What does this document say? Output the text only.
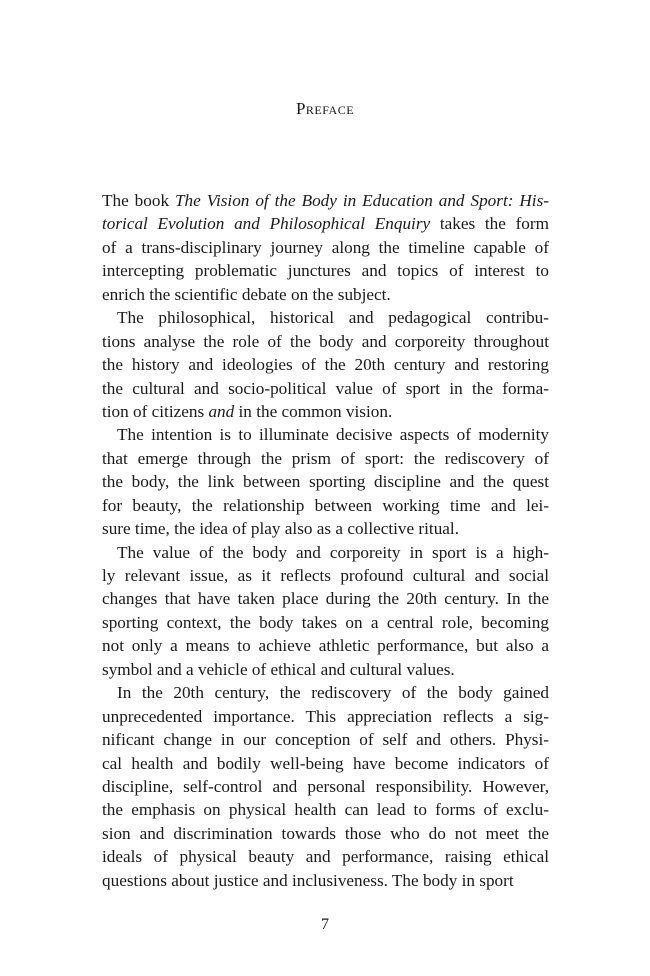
Preface
The book The Vision of the Body in Education and Sport: His-
torical Evolution and Philosophical Enquiry takes the form
of a trans-disciplinary journey along the timeline capable of
intercepting problematic junctures and topics of interest to
enrich the scientific debate on the subject.
The philosophical, historical and pedagogical contribu-
tions analyse the role of the body and corporeity throughout
the history and ideologies of the 20th century and restoring
the cultural and socio-political value of sport in the forma-
tion of citizens and in the common vision.
The intention is to illuminate decisive aspects of modernity
that emerge through the prism of sport: the rediscovery of
the body, the link between sporting discipline and the quest
for beauty, the relationship between working time and lei-
sure time, the idea of play also as a collective ritual.
The value of the body and corporeity in sport is a high-
ly relevant issue, as it reflects profound cultural and social
changes that have taken place during the 20th century. In the
sporting context, the body takes on a central role, becoming
not only a means to achieve athletic performance, but also a
symbol and a vehicle of ethical and cultural values.
In the 20th century, the rediscovery of the body gained
unprecedented importance. This appreciation reflects a sig-
nificant change in our conception of self and others. Physi-
cal health and bodily well-being have become indicators of
discipline, self-control and personal responsibility. However,
the emphasis on physical health can lead to forms of exclu-
sion and discrimination towards those who do not meet the
ideals of physical beauty and performance, raising ethical
questions about justice and inclusiveness. The body in sport
7
